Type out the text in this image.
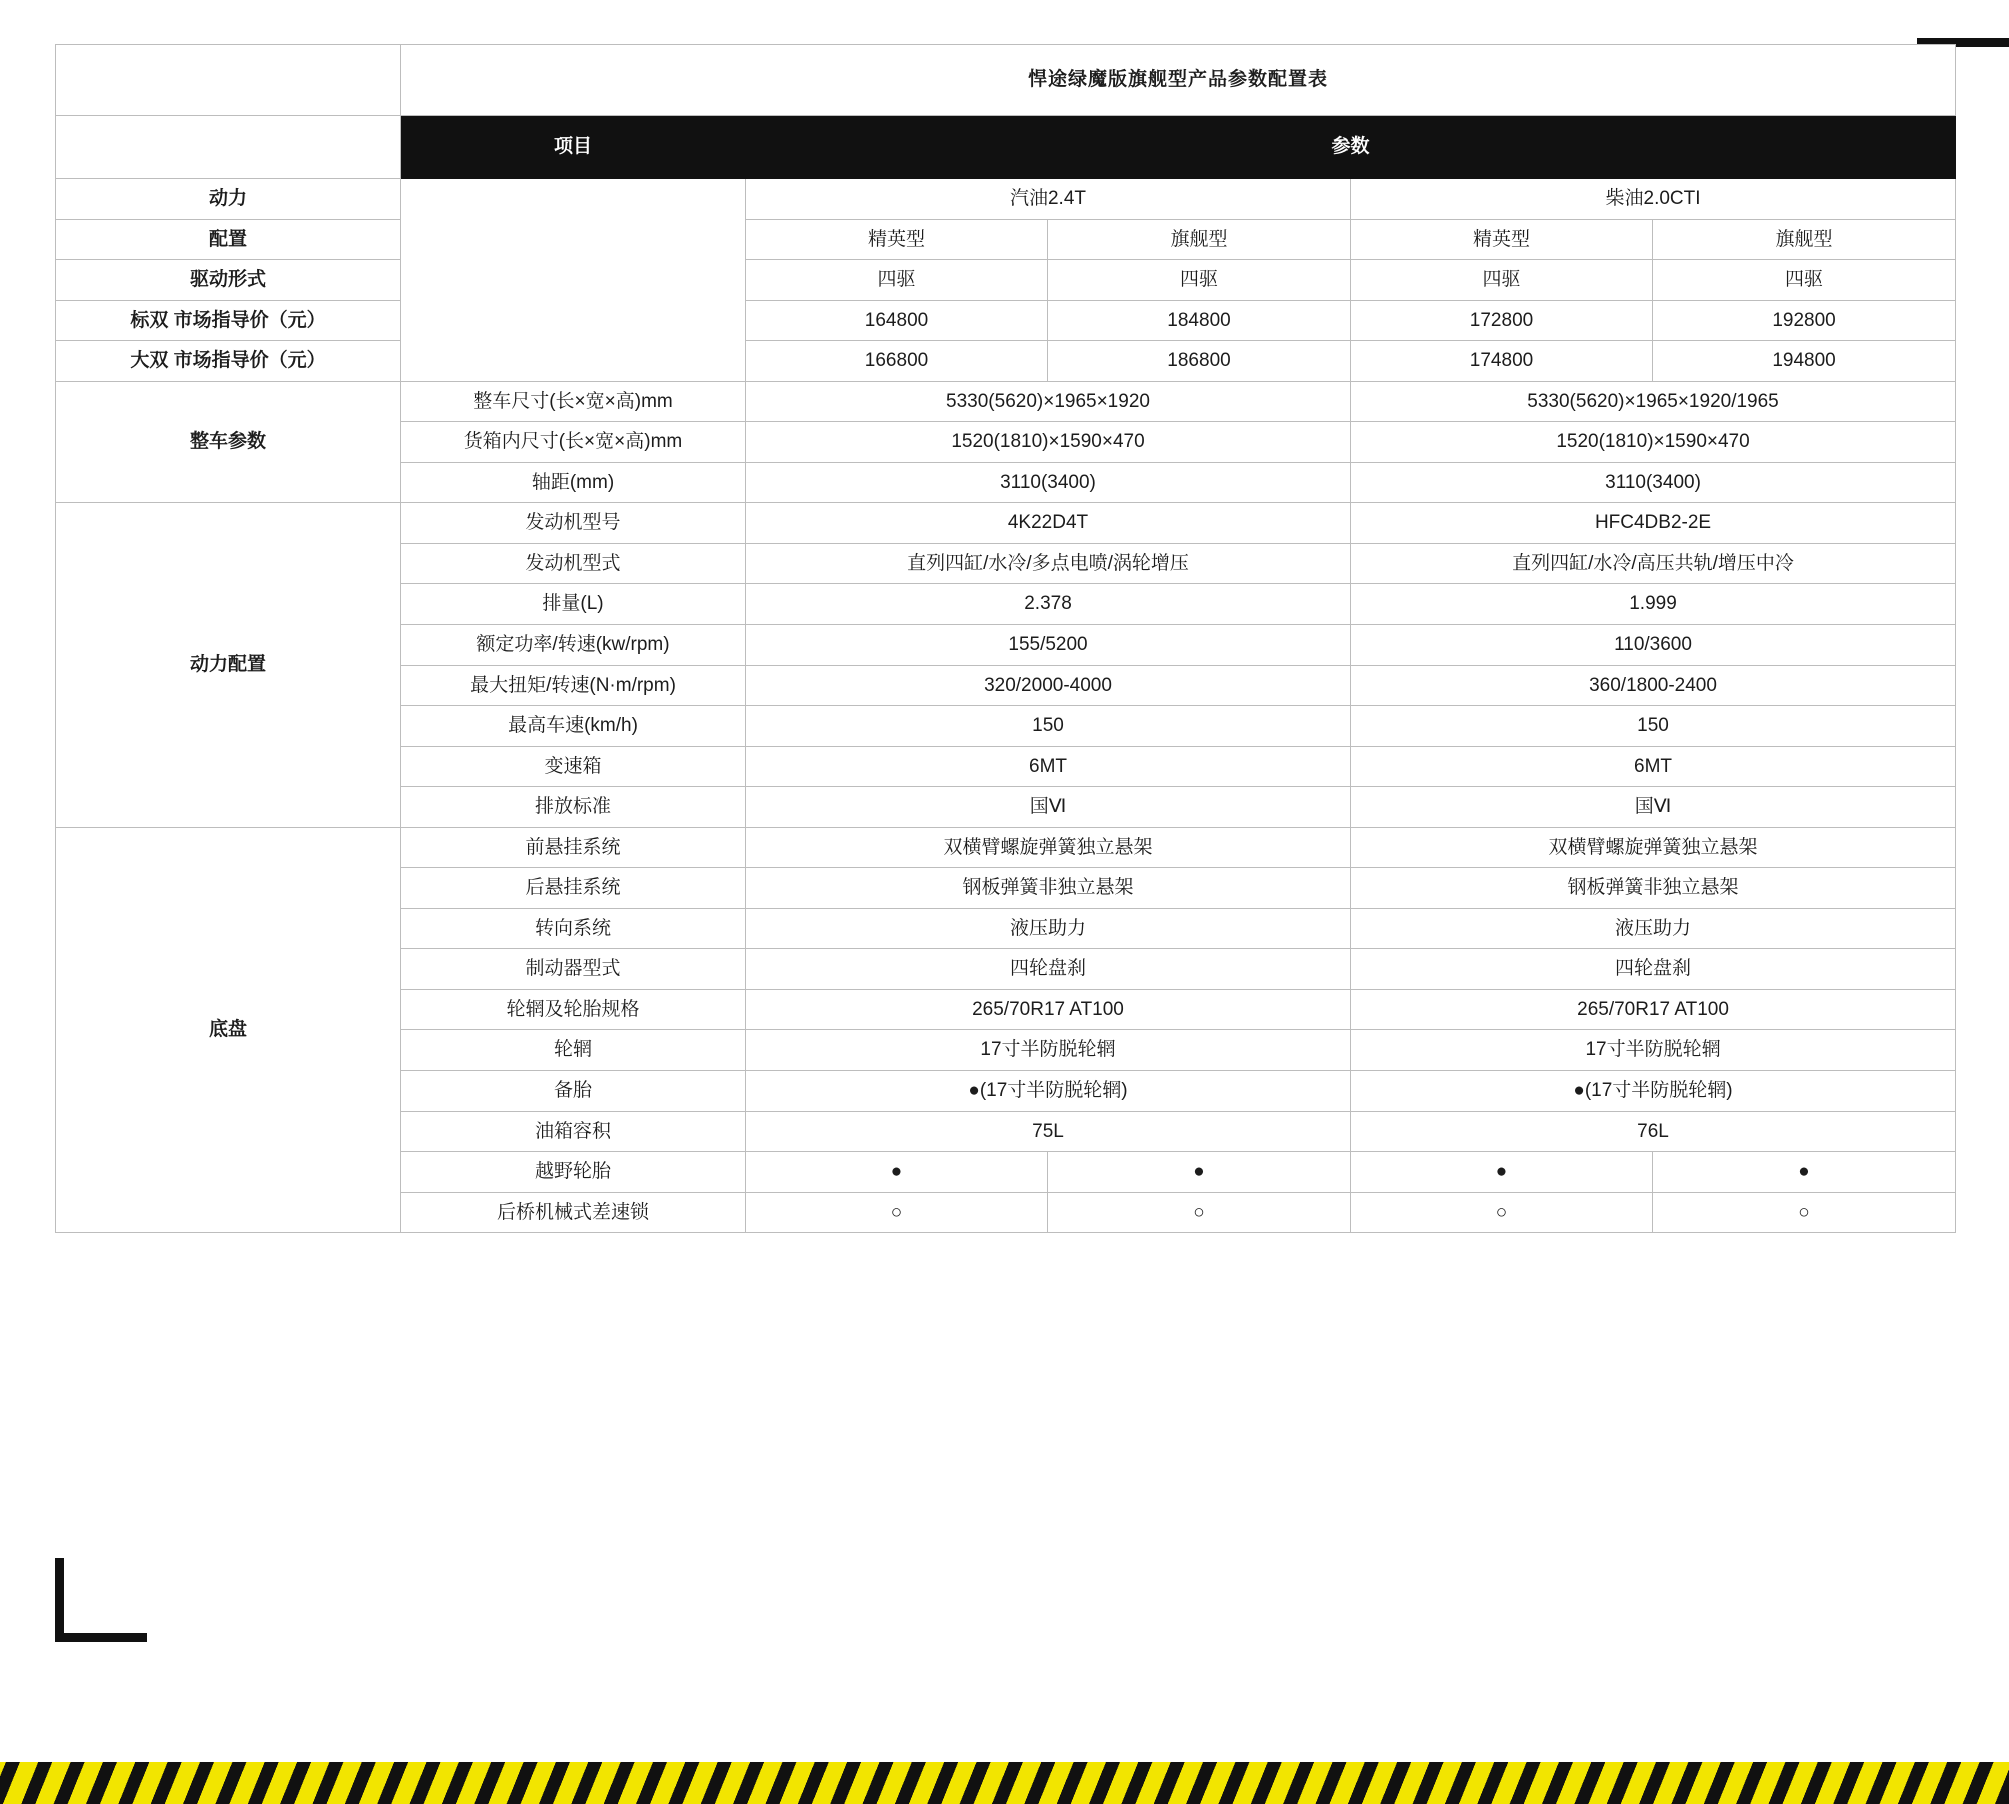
	悍途绿魔版旗舰型产品参数配置表				
	项目	参数			
动力		汽油2.4T		柴油2.0CTI	
配置		精英型	旗舰型	精英型	旗舰型
驱动形式		四驱	四驱	四驱	四驱
标双 市场指导价（元）		164800	184800	172800	192800
大双 市场指导价（元）		166800	186800	174800	194800
整车参数	整车尺寸(长×宽×高)mm	5330(5620)×1965×1920		5330(5620)×1965×1920/1965	
	货箱内尺寸(长×宽×高)mm	1520(1810)×1590×470		1520(1810)×1590×470	
	轴距(mm)	3110(3400)		3110(3400)	
动力配置	发动机型号	4K22D4T		HFC4DB2-2E	
	发动机型式	直列四缸/水冷/多点电喷/涡轮增压		直列四缸/水冷/高压共轨/增压中冷	
	排量(L)	2.378		1.999	
	额定功率/转速(kw/rpm)	155/5200		110/3600	
	最大扭矩/转速(N·m/rpm)	320/2000-4000		360/1800-2400	
	最高车速(km/h)	150		150	
	变速箱	6MT		6MT	
	排放标准	国Ⅵ		国Ⅵ	
底盘	前悬挂系统	双横臂螺旋弹簧独立悬架		双横臂螺旋弹簧独立悬架	
	后悬挂系统	钢板弹簧非独立悬架		钢板弹簧非独立悬架	
	转向系统	液压助力		液压助力	
	制动器型式	四轮盘刹		四轮盘刹	
	轮辋及轮胎规格	265/70R17 AT100		265/70R17 AT100	
	轮辋	17寸半防脱轮辋		17寸半防脱轮辋	
	备胎	●(17寸半防脱轮辋)		●(17寸半防脱轮辋)	
	油箱容积	75L		76L	
	越野轮胎	●	●	●	●
	后桥机械式差速锁	○	○	○	○
